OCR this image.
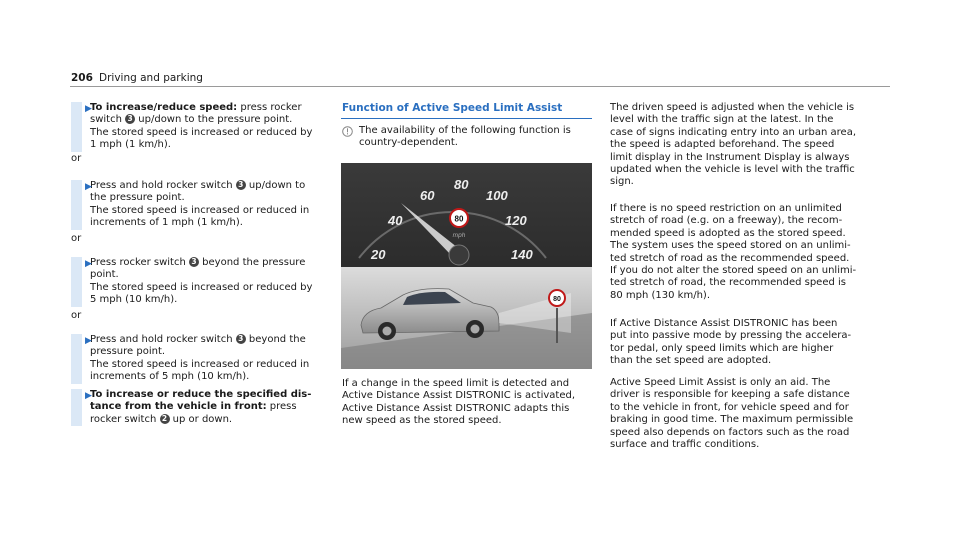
206 Driving and parking
▶
To increase/reduce speed: press rocker
switch 3 up/down to the pressure point.
The stored speed is increased or reduced by
1 mph (1 km/h).
or
▶
Press and hold rocker switch 3 up/down to
the pressure point.
The stored speed is increased or reduced in
increments of 1 mph (1 km/h).
or
▶
Press rocker switch 3 beyond the pressure
point.
The stored speed is increased or reduced by
5 mph (10 km/h).
or
▶
Press and hold rocker switch 3 beyond the
pressure point.
The stored speed is increased or reduced in
increments of 5 mph (10 km/h).
▶
To increase or reduce the specified dis-
tance from the vehicle in front: press
rocker switch 2 up or down.
Function of Active Speed Limit Assist
The availability of the following function is
country-dependent.
20
40
60
80
100
120
140
80
mph
80
If a change in the speed limit is detected and
Active Distance Assist DISTRONIC is activated,
Active Distance Assist DISTRONIC adapts this
new speed as the stored speed.
The driven speed is adjusted when the vehicle is
level with the traffic sign at the latest. In the
case of signs indicating entry into an urban area,
the speed is adapted beforehand. The speed
limit display in the Instrument Display is always
updated when the vehicle is level with the traffic
sign.
If there is no speed restriction on an unlimited
stretch of road (e.g. on a freeway), the recom-
mended speed is adopted as the stored speed.
The system uses the speed stored on an unlimi-
ted stretch of road as the recommended speed.
If you do not alter the stored speed on an unlimi-
ted stretch of road, the recommended speed is
80 mph (130 km/h).
If Active Distance Assist DISTRONIC has been
put into passive mode by pressing the accelera-
tor pedal, only speed limits which are higher
than the set speed are adopted.
Active Speed Limit Assist is only an aid. The
driver is responsible for keeping a safe distance
to the vehicle in front, for vehicle speed and for
braking in good time. The maximum permissible
speed also depends on factors such as the road
surface and traffic conditions.
